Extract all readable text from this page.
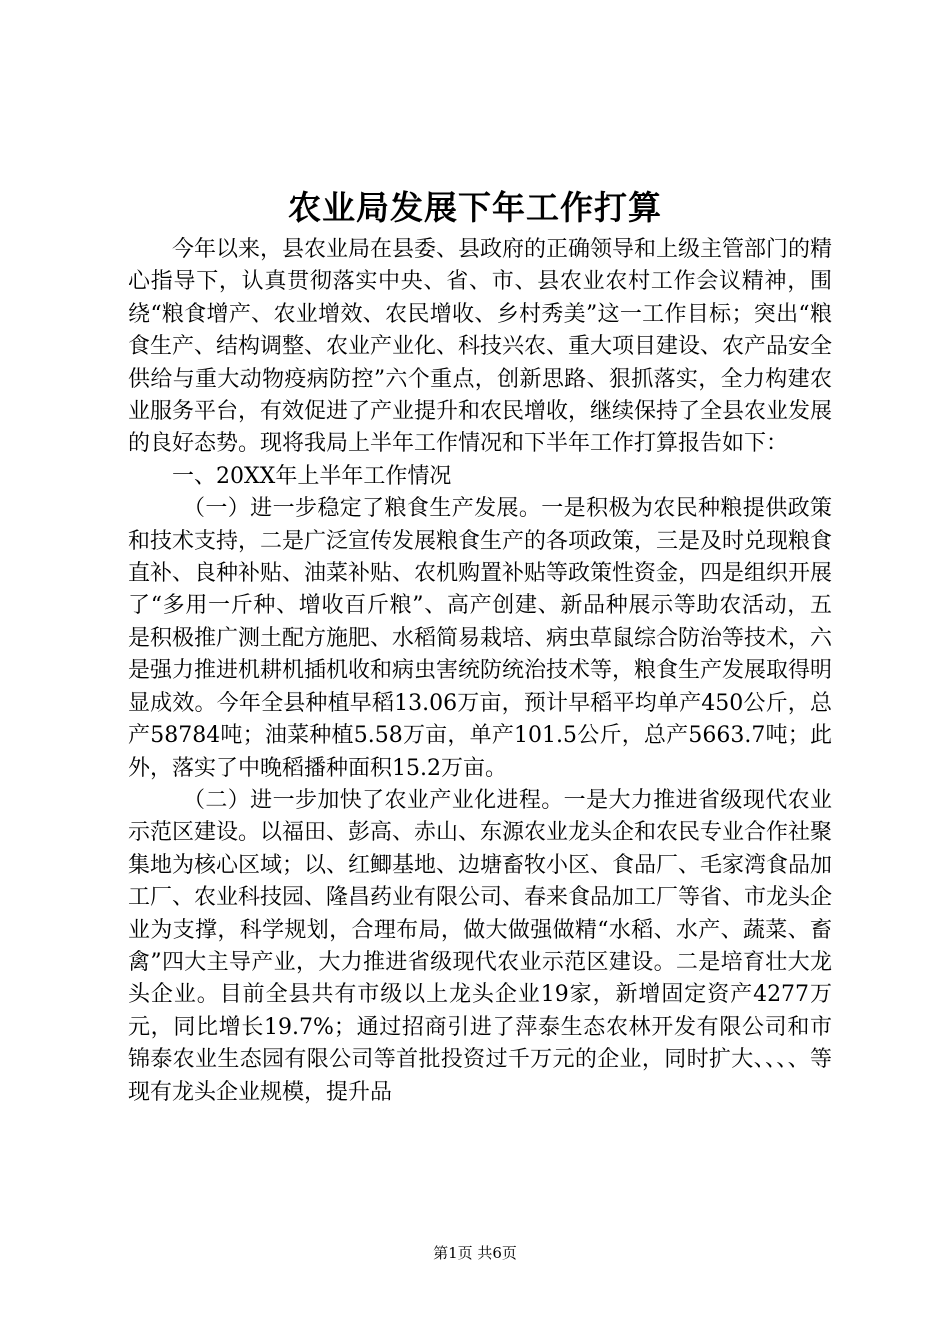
农业局发展下年工作打算

今年以来，县农业局在县委、县政府的正确领导和上级主管部门的精心指导下，认真贯彻落实中央、省、市、县农业农村工作会议精神，围绕“粮食增产、农业增效、农民增收、乡村秀美”这一工作目标；突出“粮食生产、结构调整、农业产业化、科技兴农、重大项目建设、农产品安全供给与重大动物疫病防控”六个重点，创新思路、狠抓落实，全力构建农业服务平台，有效促进了产业提升和农民增收，继续保持了全县农业发展的良好态势。现将我局上半年工作情况和下半年工作打算报告如下：

一、20XX年上半年工作情况

（一）进一步稳定了粮食生产发展。一是积极为农民种粮提供政策和技术支持，二是广泛宣传发展粮食生产的各项政策，三是及时兑现粮食直补、良种补贴、油菜补贴、农机购置补贴等政策性资金，四是组织开展了“多用一斤种、增收百斤粮”、高产创建、新品种展示等助农活动，五是积极推广测土配方施肥、水稻简易栽培、病虫草鼠综合防治等技术，六是强力推进机耕机插机收和病虫害统防统治技术等，粮食生产发展取得明显成效。今年全县种植早稻13.06万亩，预计早稻平均单产450公斤，总产58784吨；油菜种植5.58万亩，单产101.5公斤，总产5663.7吨；此外，落实了中晚稻播种面积15.2万亩。

（二）进一步加快了农业产业化进程。一是大力推进省级现代农业示范区建设。以福田、彭高、赤山、东源农业龙头企和农民专业合作社聚集地为核心区域；以、红鲫基地、边塘畜牧小区、食品厂、毛家湾食品加工厂、农业科技园、隆昌药业有限公司、春来食品加工厂等省、市龙头企业为支撑，科学规划，合理布局，做大做强做精“水稻、水产、蔬菜、畜禽”四大主导产业，大力推进省级现代农业示范区建设。二是培育壮大龙头企业。目前全县共有市级以上龙头企业19家，新增固定资产4277万元，同比增长19.7%；通过招商引进了萍泰生态农林开发有限公司和市锦泰农业生态园有限公司等首批投资过千万元的企业，同时扩大、、、、等现有龙头企业规模，提升品

第1页 共6页
